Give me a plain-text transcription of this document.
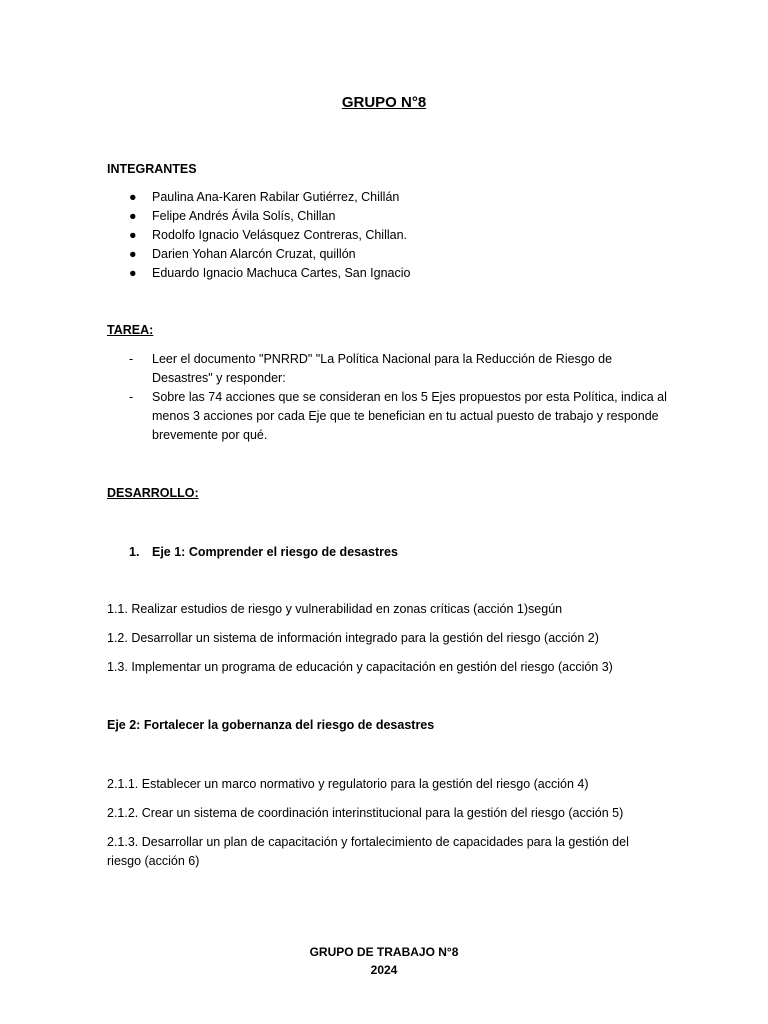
GRUPO N°8
INTEGRANTES
● Paulina Ana-Karen Rabilar Gutiérrez, Chillán
● Felipe Andrés Ávila Solís, Chillan
● Rodolfo Ignacio Velásquez Contreras, Chillan.
● Darien Yohan Alarcón Cruzat, quillón
● Eduardo Ignacio Machuca Cartes, San Ignacio
TAREA:
- Leer el documento "PNRRD" "La Política Nacional para la Reducción de Riesgo de Desastres" y responder:
- Sobre las 74 acciones que se consideran en los 5 Ejes propuestos por esta Política, indica al menos 3 acciones por cada Eje que te benefician en tu actual puesto de trabajo y responde brevemente por qué.
DESARROLLO:
1. Eje 1: Comprender el riesgo de desastres
1.1. Realizar estudios de riesgo y vulnerabilidad en zonas críticas (acción 1)según
1.2. Desarrollar un sistema de información integrado para la gestión del riesgo (acción 2)
1.3. Implementar un programa de educación y capacitación en gestión del riesgo (acción 3)
Eje 2: Fortalecer la gobernanza del riesgo de desastres
2.1.1. Establecer un marco normativo y regulatorio para la gestión del riesgo (acción 4)
2.1.2. Crear un sistema de coordinación interinstitucional para la gestión del riesgo (acción 5)
2.1.3. Desarrollar un plan de capacitación y fortalecimiento de capacidades para la gestión del riesgo (acción 6)
GRUPO DE TRABAJO N°8
2024
